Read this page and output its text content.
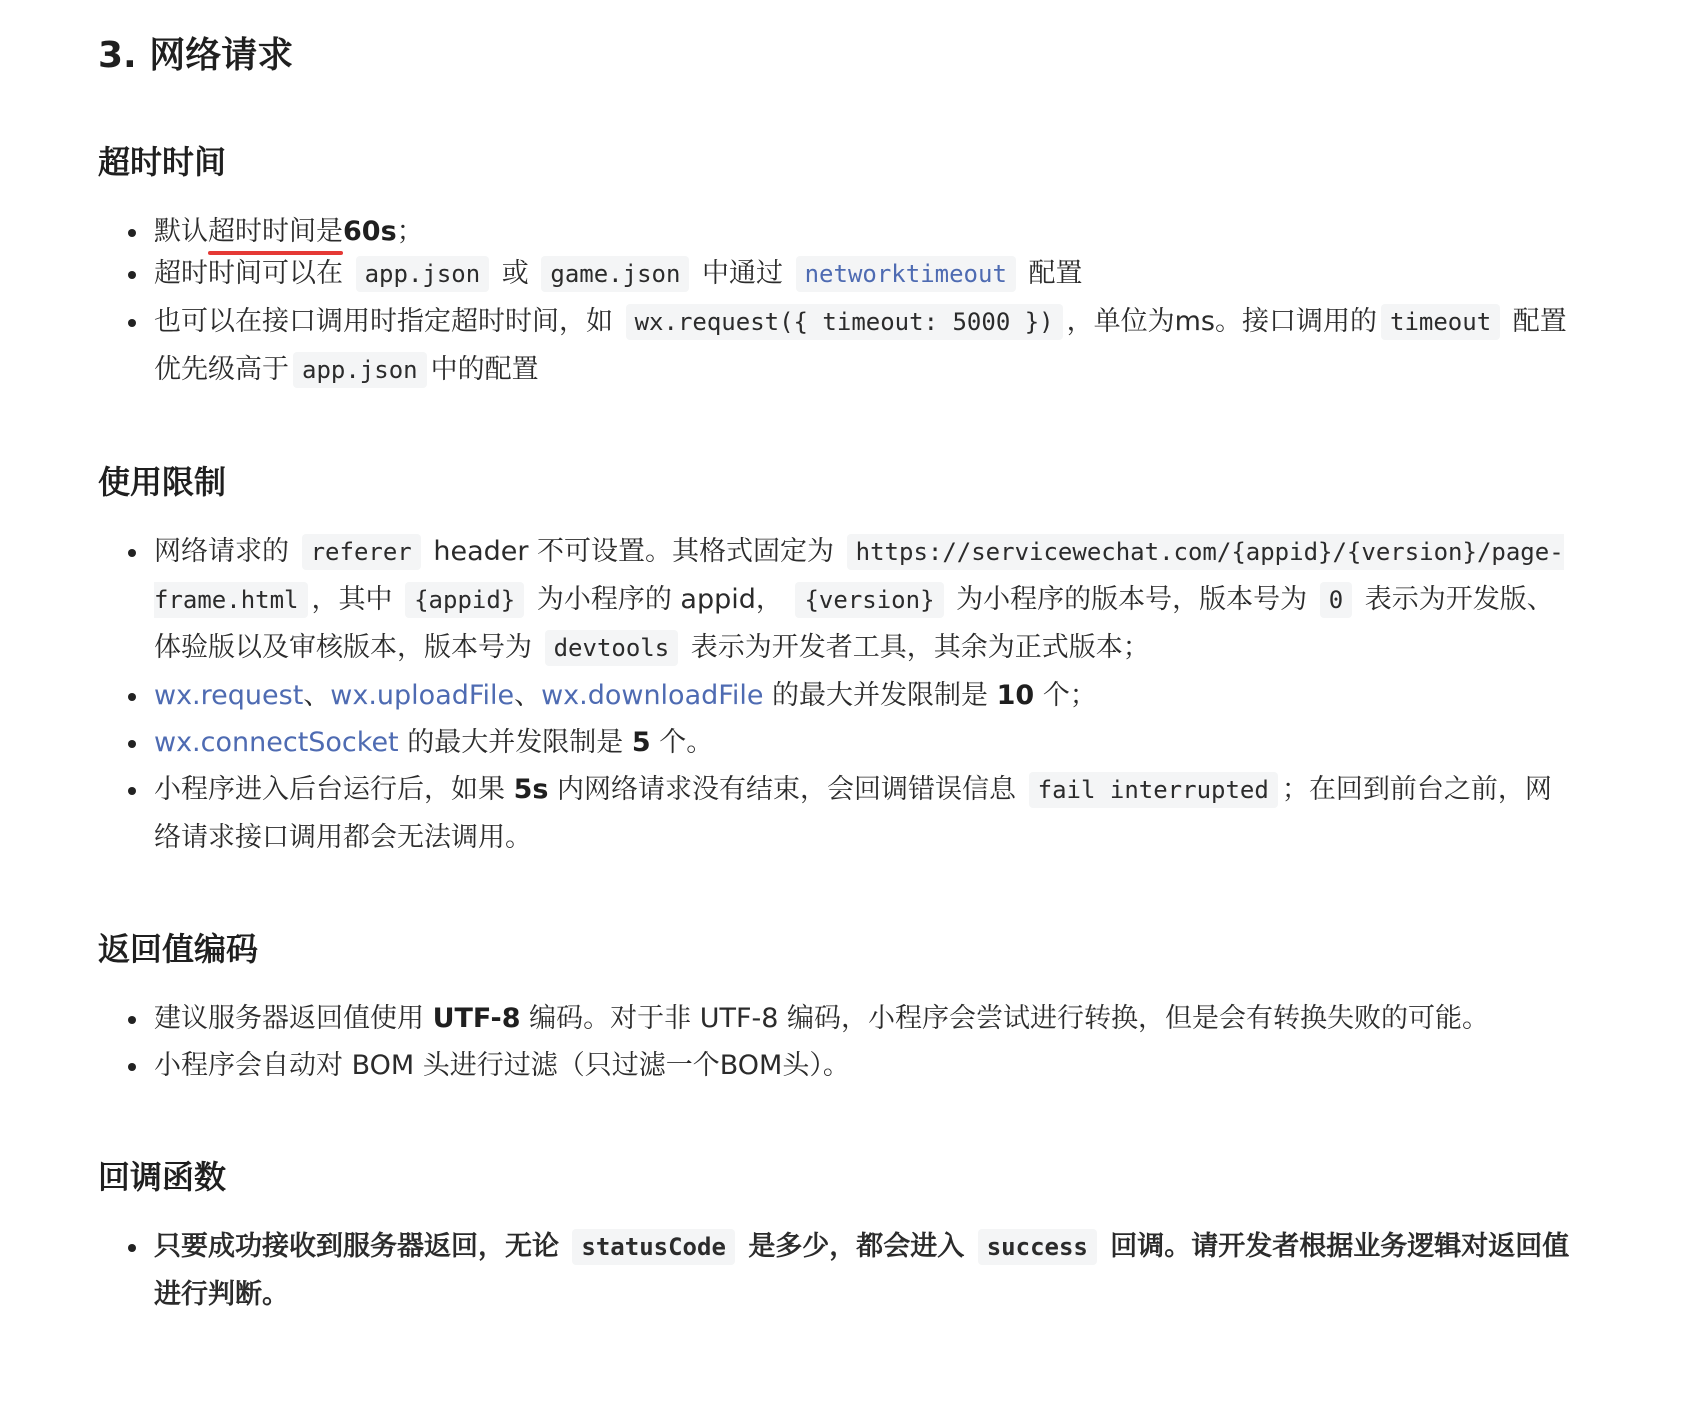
3. 网络请求
超时时间
默认超时时间是60s；
超时时间可以在 app.json 或 game.json 中通过 networktimeout 配置
也可以在接口调用时指定超时时间，如 wx.request({ timeout: 5000 }) ，单位为ms。接口调用的 timeout 配置优先级高于 app.json 中的配置
使用限制
网络请求的 referer header 不可设置。其格式固定为 https://servicewechat.com/{appid}/{version}/page-frame.html ，其中 {appid} 为小程序的 appid， {version} 为小程序的版本号，版本号为 0 表示为开发版、体验版以及审核版本，版本号为 devtools 表示为开发者工具，其余为正式版本；
wx.request、wx.uploadFile、wx.downloadFile 的最大并发限制是 10 个；
wx.connectSocket 的最大并发限制是 5 个。
小程序进入后台运行后，如果 5s 内网络请求没有结束，会回调错误信息 fail interrupted ；在回到前台之前，网络请求接口调用都会无法调用。
返回值编码
建议服务器返回值使用 UTF-8 编码。对于非 UTF-8 编码，小程序会尝试进行转换，但是会有转换失败的可能。
小程序会自动对 BOM 头进行过滤（只过滤一个BOM头）。
回调函数
只要成功接收到服务器返回，无论 statusCode 是多少，都会进入 success 回调。请开发者根据业务逻辑对返回值进行判断。
